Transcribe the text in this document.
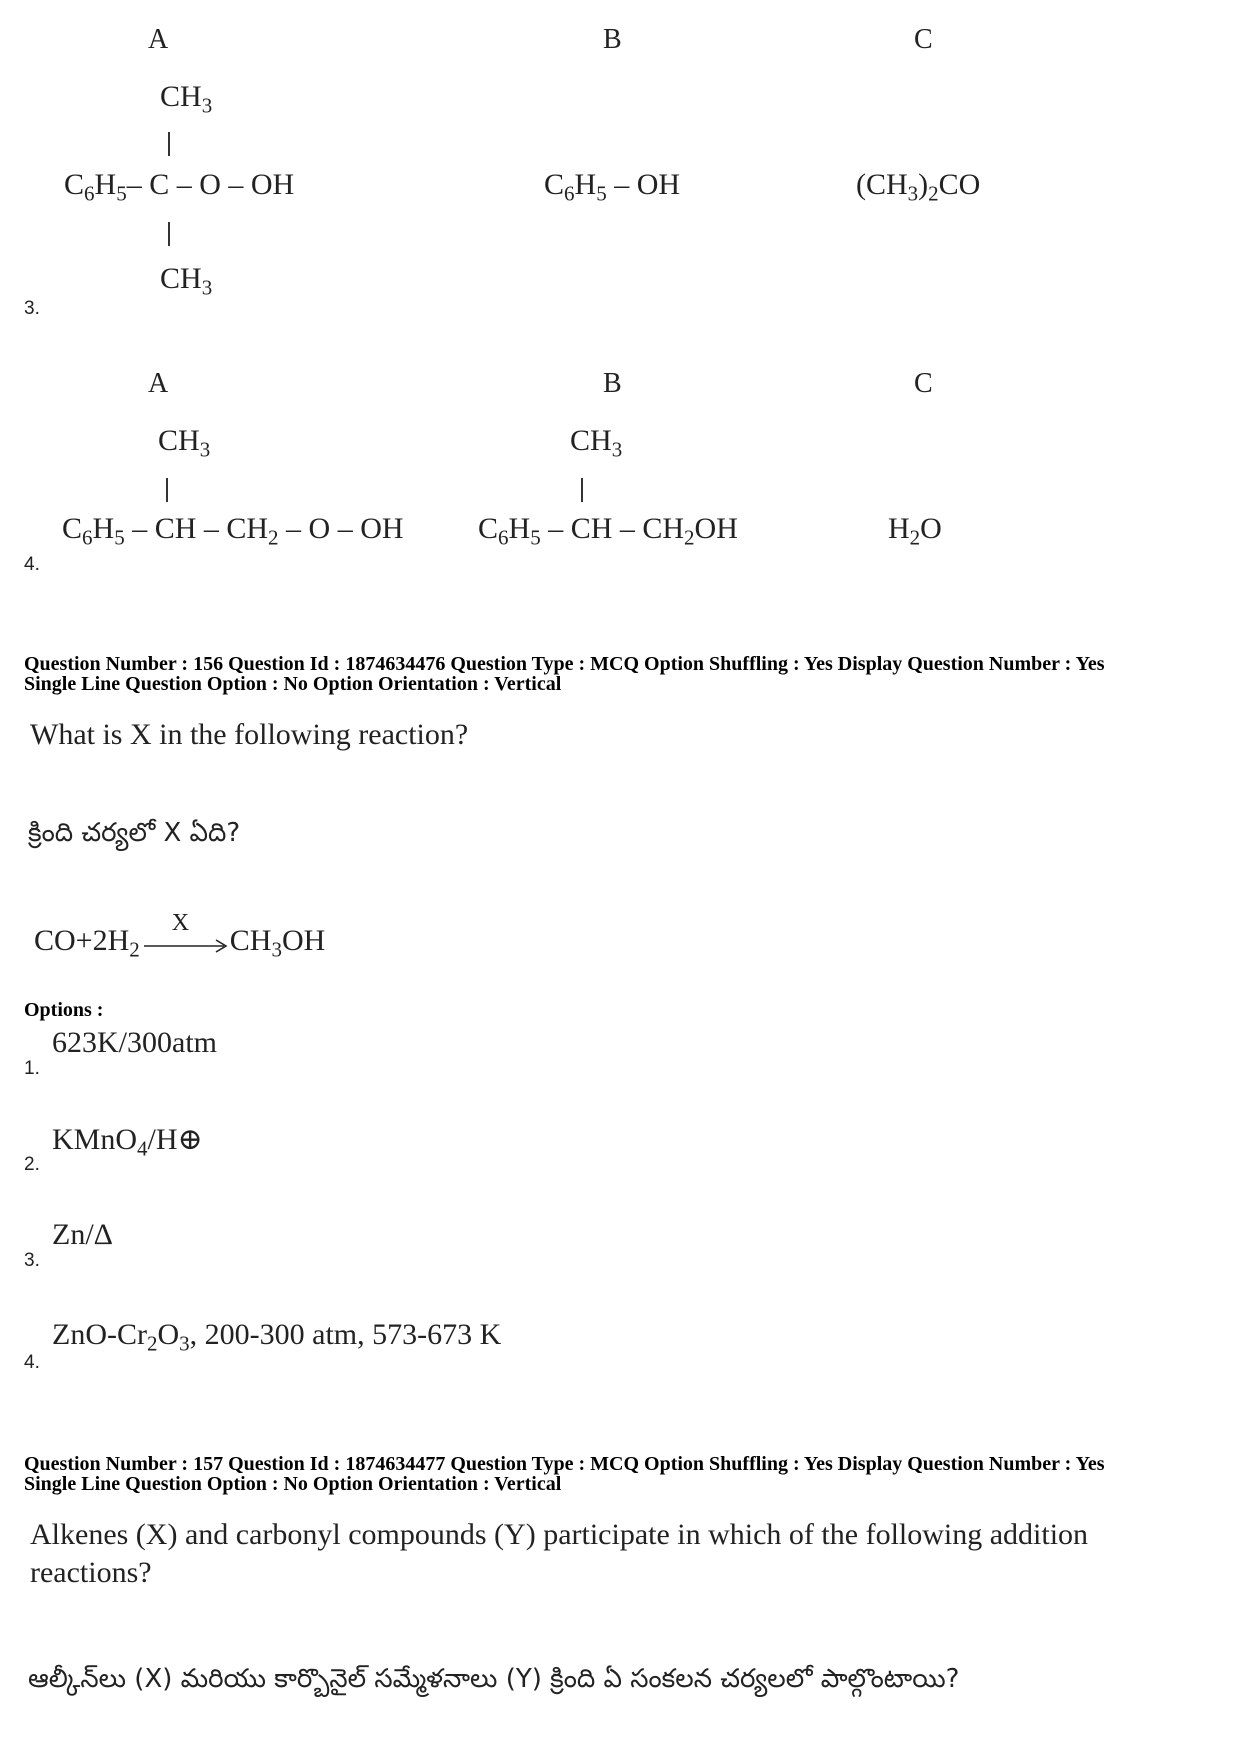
A	B	C
$CH_3$
$C_6H_5-$ C – O – OH
$CH_3$
$C_6H_5$ – OH	$(CH_3)_2CO$
3.
A	B	C
$CH_3$
$C_6H_5$ – CH – $CH_2$ – O – OH
$CH_3$
$C_6H_5$ – CH – $CH_2OH$	$H_2O$
4.
Question Number : 156 Question Id : 1874634476 Question Type : MCQ Option Shuffling : Yes Display Question Number : Yes
Single Line Question Option : No Option Orientation : Vertical
What is X in the following reaction?
క్రింది చర్యలో X ఏది?
$CO+2H_2$
X
$CH_3OH$
Options :
623K/300atm
1.
KMnO$_4$/H⊕
2.
Zn/Δ
3.
ZnO-$Cr_2O_3$, 200-300 atm, 573-673 K
4.
Question Number : 157 Question Id : 1874634477 Question Type : MCQ Option Shuffling : Yes Display Question Number : Yes
Single Line Question Option : No Option Orientation : Vertical
Alkenes (X) and carbonyl compounds (Y) participate in which of the following addition
reactions?
ఆల్కీన్‌లు (X) మరియు కార్బొనైల్ సమ్మేళనాలు (Y) క్రింది ఏ సంకలన చర్యలలో పాల్గొంటాయి?
